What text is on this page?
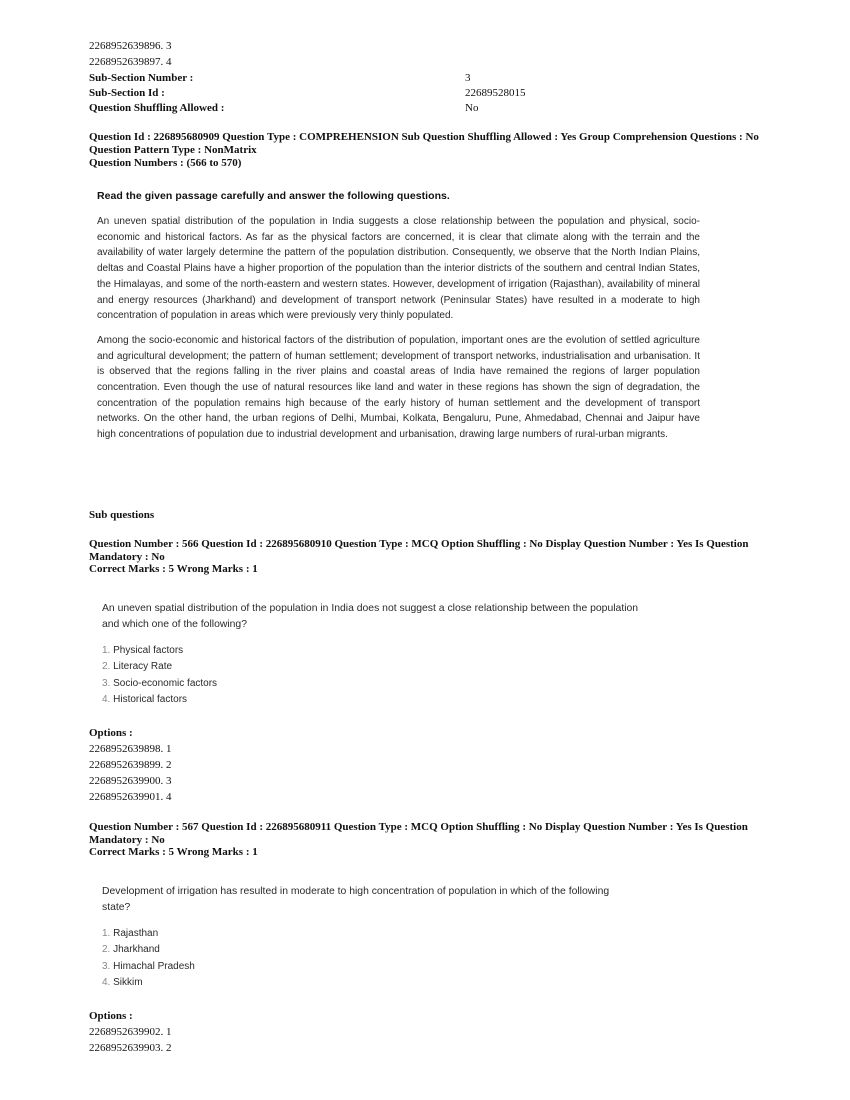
2268952639896. 3
2268952639897. 4
Sub-Section Number :	3
Sub-Section Id :	22689528015
Question Shuffling Allowed :	No
Question Id : 226895680909 Question Type : COMPREHENSION Sub Question Shuffling Allowed : Yes Group Comprehension Questions : No
Question Pattern Type : NonMatrix
Question Numbers : (566 to 570)
Read the given passage carefully and answer the following questions.

An uneven spatial distribution of the population in India suggests a close relationship between the population and physical, socio-economic and historical factors. As far as the physical factors are concerned, it is clear that climate along with the terrain and the availability of water largely determine the pattern of the population distribution. Consequently, we observe that the North Indian Plains, deltas and Coastal Plains have a higher proportion of the population than the interior districts of the southern and central Indian States, the Himalayas, and some of the north-eastern and western states. However, development of irrigation (Rajasthan), availability of mineral and energy resources (Jharkhand) and development of transport network (Peninsular States) have resulted in a moderate to high concentration of population in areas which were previously very thinly populated.

Among the socio-economic and historical factors of the distribution of population, important ones are the evolution of settled agriculture and agricultural development; the pattern of human settlement; development of transport networks, industrialisation and urbanisation. It is observed that the regions falling in the river plains and coastal areas of India have remained the regions of larger population concentration. Even though the use of natural resources like land and water in these regions has shown the sign of degradation, the concentration of the population remains high because of the early history of human settlement and the development of transport networks. On the other hand, the urban regions of Delhi, Mumbai, Kolkata, Bengaluru, Pune, Ahmedabad, Chennai and Jaipur have high concentrations of population due to industrial development and urbanisation, drawing large numbers of rural-urban migrants.

Sub questions
Question Number : 566 Question Id : 226895680910 Question Type : MCQ Option Shuffling : No Display Question Number : Yes Is Question
Mandatory : No
Correct Marks : 5 Wrong Marks : 1
An uneven spatial distribution of the population in India does not suggest a close relationship between the population
and which one of the following?
1. Physical factors
2. Literacy Rate
3. Socio-economic factors
4. Historical factors
Options :
2268952639898. 1
2268952639899. 2
2268952639900. 3
2268952639901. 4
Question Number : 567 Question Id : 226895680911 Question Type : MCQ Option Shuffling : No Display Question Number : Yes Is Question
Mandatory : No
Correct Marks : 5 Wrong Marks : 1
Development of irrigation has resulted in moderate to high concentration of population in which of the following
state?
1. Rajasthan
2. Jharkhand
3. Himachal Pradesh
4. Sikkim
Options :
2268952639902. 1
2268952639903. 2
